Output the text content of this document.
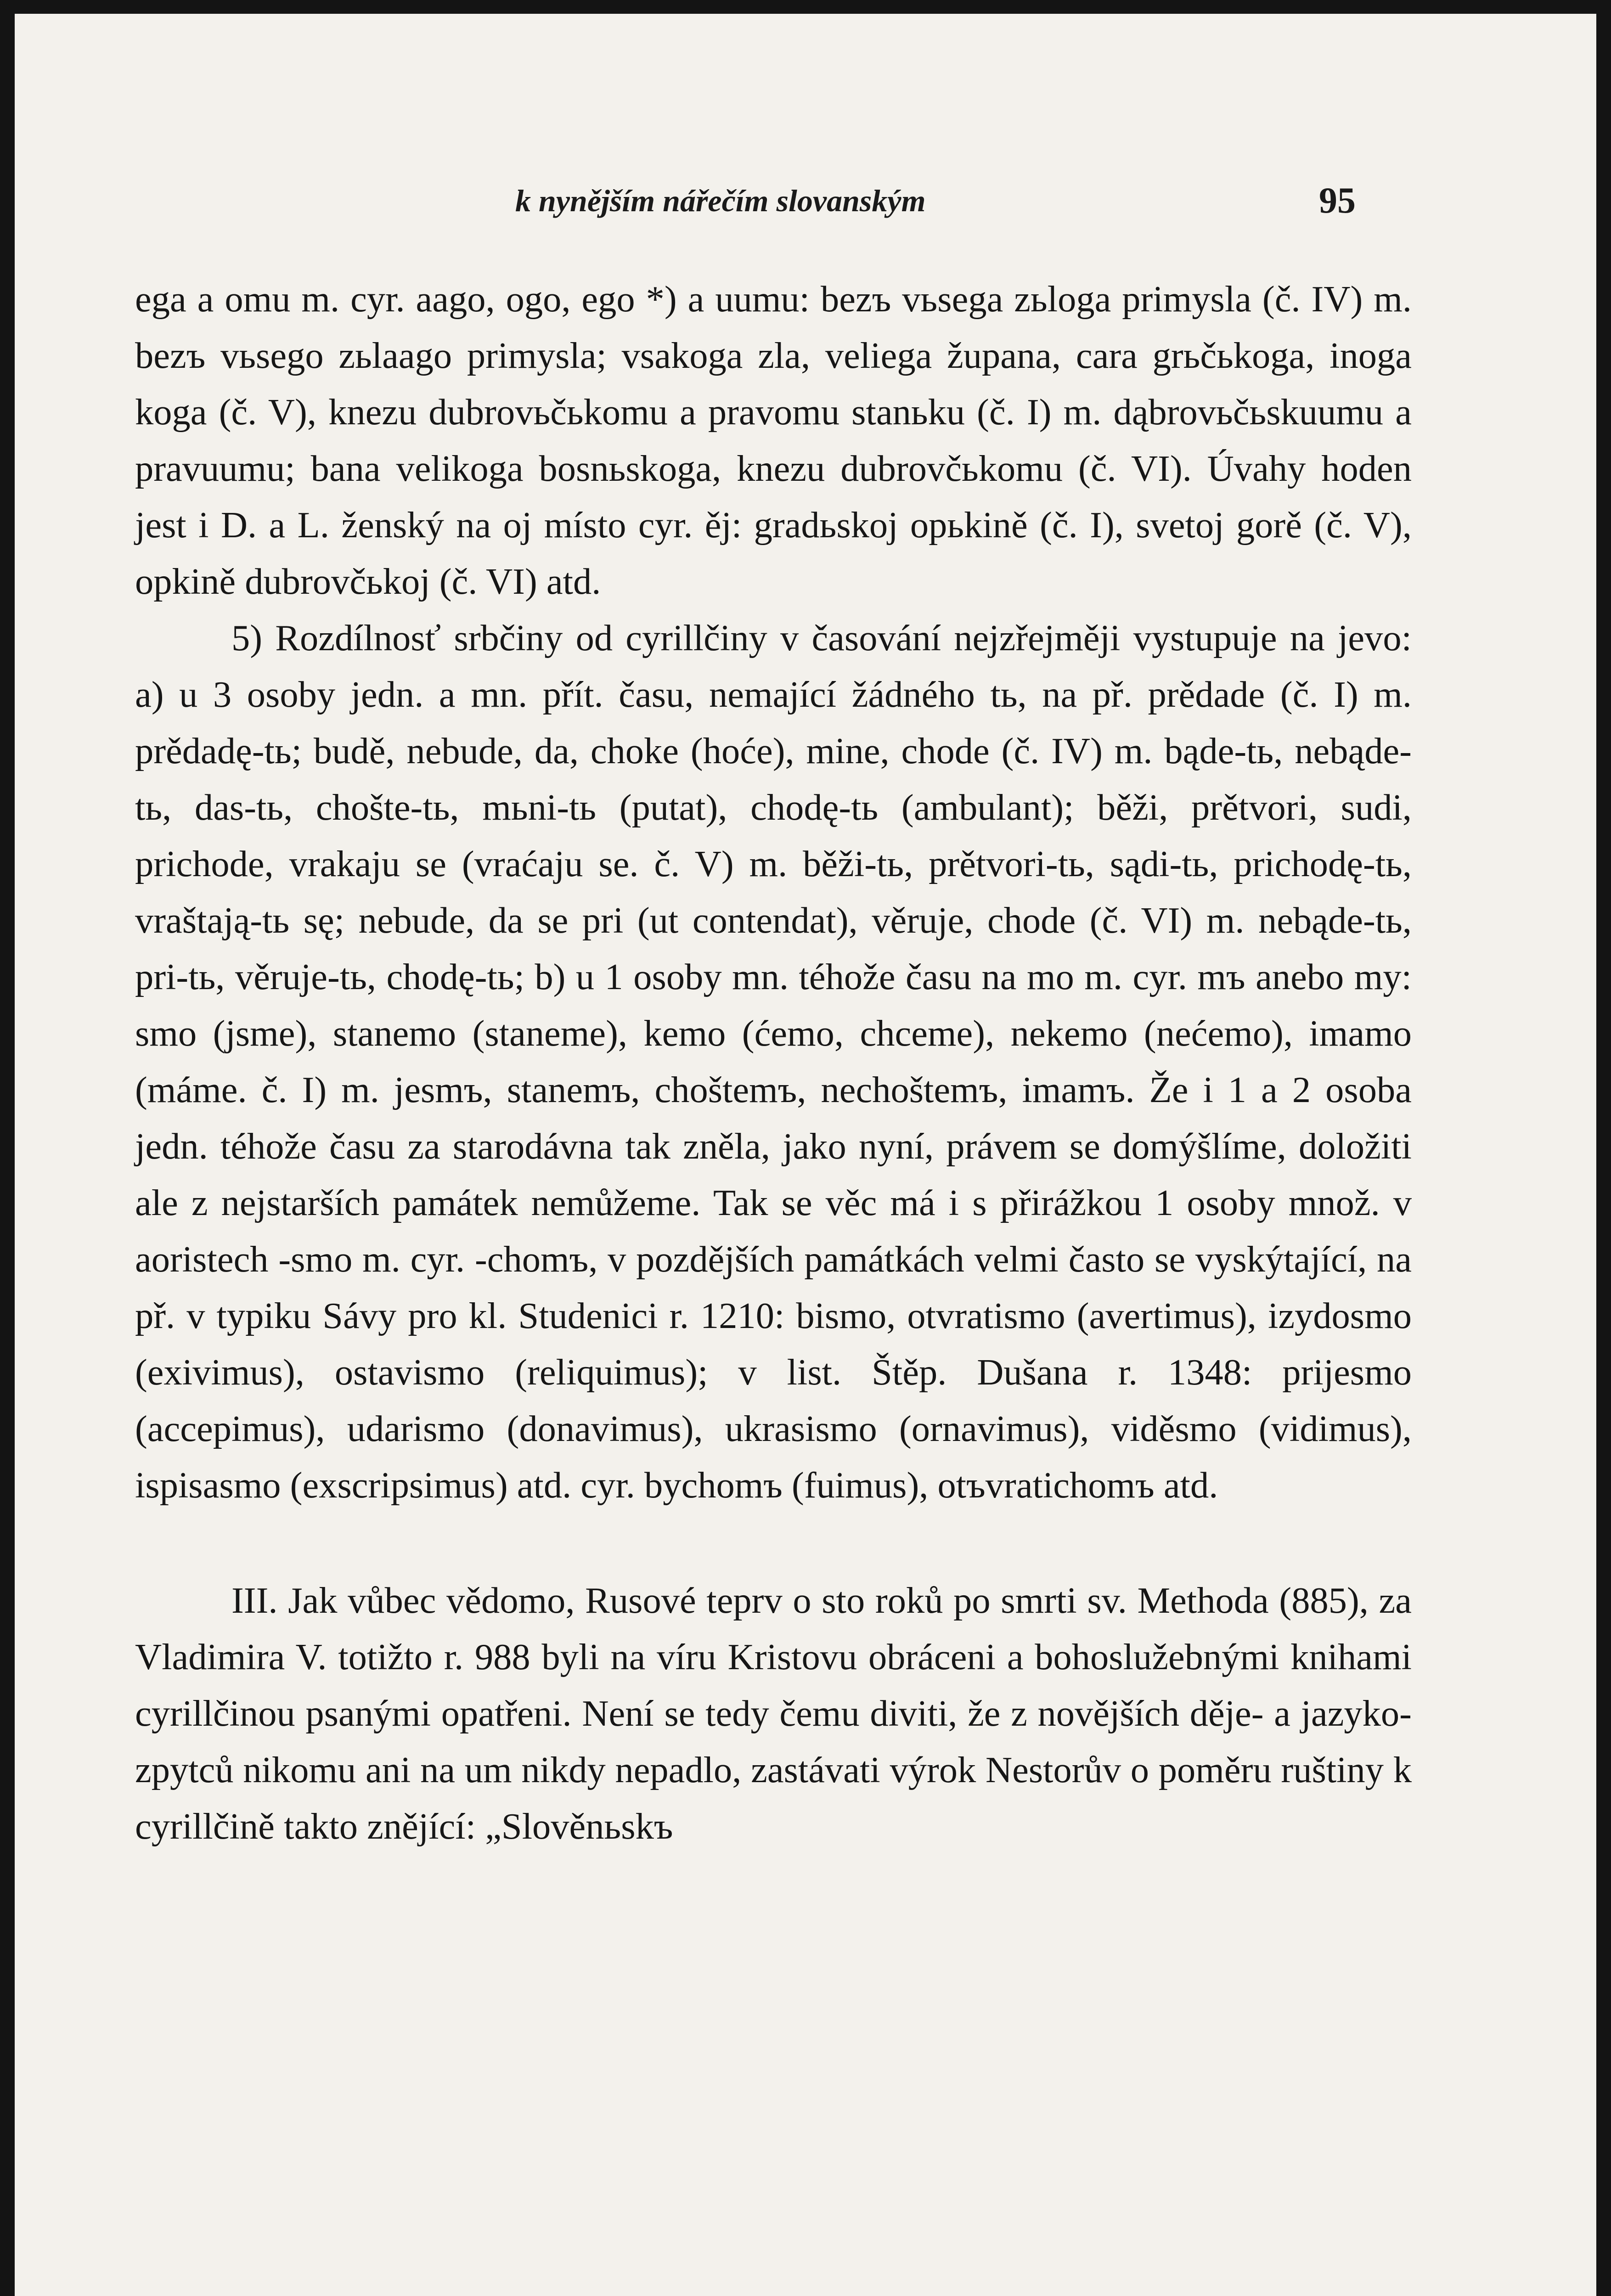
k nynějším nářečím slovanským	95

ega a omu m. cyr. aago, ogo, ego *) a uumu: bezъ vьsega zьloga primysla (č. IV) m. bezъ vьsego zьlaago primysla; vsakoga zla, veliega župana, cara grьčьkoga, inoga koga (č. V), knezu dubrovьčьkomu a pravomu stanьku (č. I) m. dąbrovьčьskuumu a pravuumu; bana velikoga bosnьskoga, knezu dubrovčьkomu (č. VI). Úvahy hoden jest i D. a L. ženský na oj místo cyr. ěj: gradьskoj opьkině (č. I), svetoj gorě (č. V), opkině dubrovčьkoj (č. VI) atd.

5) Rozdílnosť srbčiny od cyrillčiny v časování nejzřejměji vystupuje na jevo: a) u 3 osoby jedn. a mn. přít. času, nemající žádného tь, na př. prědade (č. I) m. prědadę-tь; budě, nebude, da, choke (hoće), mine, chode (č. IV) m. bąde-tь, nebąde-tь, das-tь, chošte-tь, mьni-tь (putat), chodę-tь (ambulant); běži, prětvori, sudi, prichode, vrakaju se (vraćaju se. č. V) m. běži-tь, prětvori-tь, sądi-tь, prichodę-tь, vraštają-tь sę; nebude, da se pri (ut contendat), věruje, chode (č. VI) m. nebąde-tь, pri-tь, věruje-tь, chodę-tь; b) u 1 osoby mn. téhože času na mo m. cyr. mъ anebo my: smo (jsme), stanemo (staneme), kemo (ćemo, chceme), nekemo (nećemo), imamo (máme. č. I) m. jesmъ, stanemъ, choštemъ, nechoštemъ, imamъ. Že i 1 a 2 osoba jedn. téhože času za starodávna tak zněla, jako nyní, právem se domýšlíme, doložiti ale z nejstarších památek nemůžeme. Tak se věc má i s přirážkou 1 osoby množ. v aoristech -smo m. cyr. -chomъ, v pozdějších památkách velmi často se vyskýtající, na př. v typiku Sávy pro kl. Studenici r. 1210: bismo, otvratismo (avertimus), izydosmo (exivimus), ostavismo (reliquimus); v list. Štěp. Dušana r. 1348: prijesmo (accepimus), udarismo (donavimus), ukrasismo (ornavimus), viděsmo (vidimus), ispisasmo (exscripsimus) atd. cyr. bychomъ (fuimus), otъvratichomъ atd.

III. Jak vůbec vědomo, Rusové teprv o sto roků po smrti sv. Methoda (885), za Vladimira V. totižto r. 988 byli na víru Kristovu obráceni a bohoslužebnými knihami cyrillčinou psanými opatřeni. Není se tedy čemu diviti, že z novějších děje- a jazyko-zpytců nikomu ani na um nikdy nepadlo, zastávati výrok Nestorův o poměru ruštiny k cyrillčině takto znějící: „Slověnьskъ
